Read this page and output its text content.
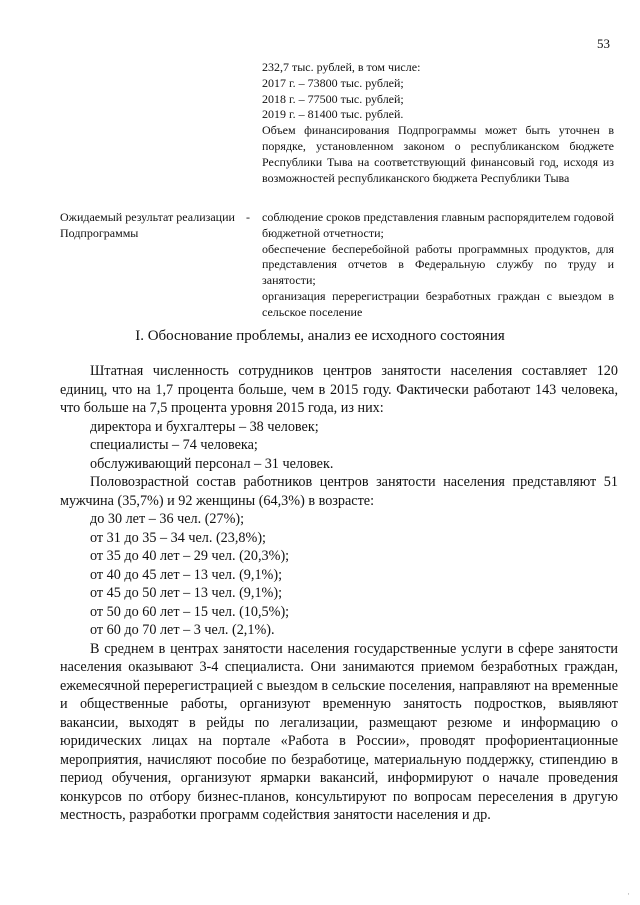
53
232,7 тыс. рублей, в том числе:
2017 г. – 73800 тыс. рублей;
2018 г. – 77500 тыс. рублей;
2019 г. – 81400 тыс. рублей.
Объем финансирования Подпрограммы может быть уточнен в порядке, установленном законом о республиканском бюджете Республики Тыва на соответствующий финансовый год, исходя из возможностей республиканского бюджета Республики Тыва
Ожидаемый результат реализации Подпрограммы
- соблюдение сроков представления главным распорядителем годовой бюджетной отчетности;
обеспечение бесперебойной работы программных продуктов, для представления отчетов в Федеральную службу по труду и занятости;
организация перерегистрации безработных граждан с выездом в сельское поселение
I. Обоснование проблемы, анализ ее исходного состояния
Штатная численность сотрудников центров занятости населения составляет 120 единиц, что на 1,7 процента больше, чем в 2015 году. Фактически работают 143 человека, что больше на 7,5 процента уровня 2015 года, из них:
директора и бухгалтеры – 38 человек;
специалисты – 74 человека;
обслуживающий персонал – 31 человек.
Половозрастной состав работников центров занятости населения представляют 51 мужчина (35,7%) и 92 женщины (64,3%) в возрасте:
до 30 лет – 36 чел. (27%);
от 31 до 35 – 34 чел. (23,8%);
от 35 до 40 лет – 29 чел. (20,3%);
от 40 до 45 лет – 13 чел. (9,1%);
от 45 до 50 лет – 13 чел. (9,1%);
от 50 до 60 лет – 15 чел. (10,5%);
от 60 до 70 лет – 3 чел. (2,1%).
В среднем в центрах занятости населения государственные услуги в сфере занятости населения оказывают 3-4 специалиста. Они занимаются приемом безработных граждан, ежемесячной перерегистрацией с выездом в сельские поселения, направляют на временные и общественные работы, организуют временную занятость подростков, выявляют вакансии, выходят в рейды по легализации, размещают резюме и информацию о юридических лицах на портале «Работа в России», проводят профориентационные мероприятия, начисляют пособие по безработице, материальную поддержку, стипендию в период обучения, организуют ярмарки вакансий, информируют о начале проведения конкурсов по отбору бизнес-планов, консультируют по вопросам переселения в другую местность, разработки программ содействия занятости населения и др.
·
